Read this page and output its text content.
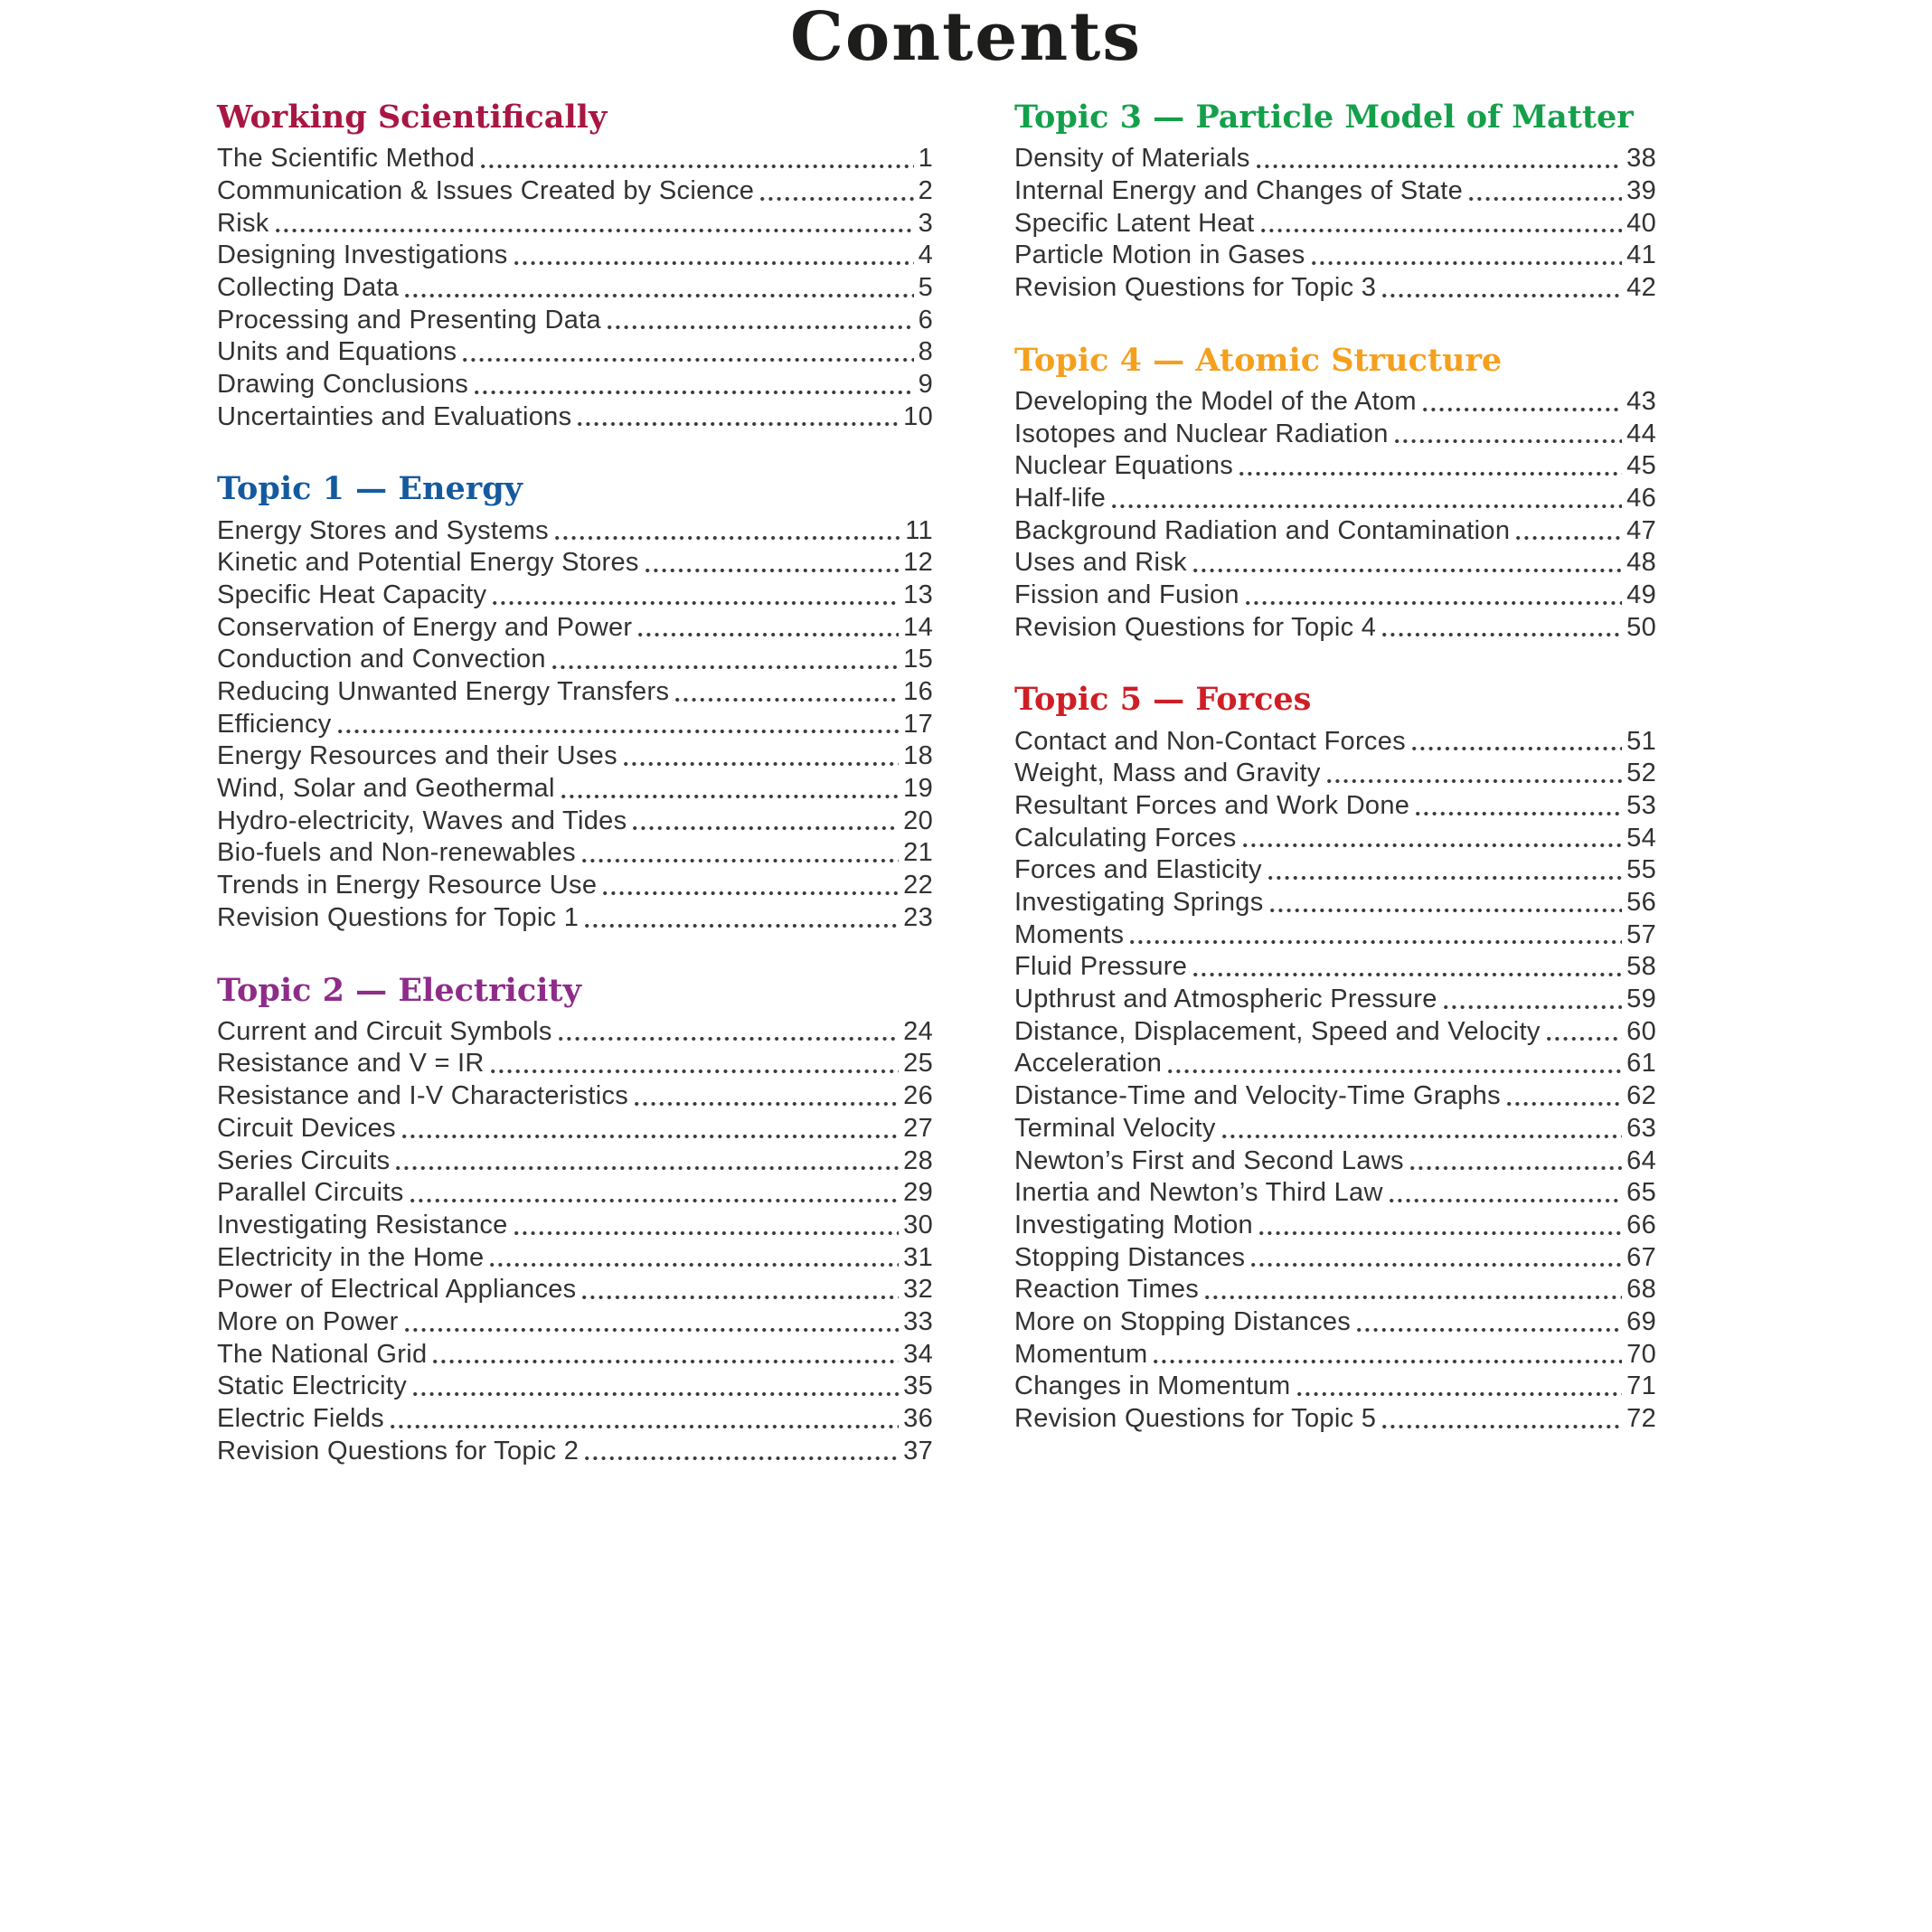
Contents
Working Scientifically
The Scientific Method	1
Communication & Issues Created by Science	2
Risk	3
Designing Investigations	4
Collecting Data	5
Processing and Presenting Data	6
Units and Equations	8
Drawing Conclusions	9
Uncertainties and Evaluations	10
Topic 1 — Energy
Energy Stores and Systems	11
Kinetic and Potential Energy Stores	12
Specific Heat Capacity	13
Conservation of Energy and Power	14
Conduction and Convection	15
Reducing Unwanted Energy Transfers	16
Efficiency	17
Energy Resources and their Uses	18
Wind, Solar and Geothermal	19
Hydro-electricity, Waves and Tides	20
Bio-fuels and Non-renewables	21
Trends in Energy Resource Use	22
Revision Questions for Topic 1	23
Topic 2 — Electricity
Current and Circuit Symbols	24
Resistance and V = IR	25
Resistance and I-V Characteristics	26
Circuit Devices	27
Series Circuits	28
Parallel Circuits	29
Investigating Resistance	30
Electricity in the Home	31
Power of Electrical Appliances	32
More on Power	33
The National Grid	34
Static Electricity	35
Electric Fields	36
Revision Questions for Topic 2	37
Topic 3 — Particle Model of Matter
Density of Materials	38
Internal Energy and Changes of State	39
Specific Latent Heat	40
Particle Motion in Gases	41
Revision Questions for Topic 3	42
Topic 4 — Atomic Structure
Developing the Model of the Atom	43
Isotopes and Nuclear Radiation	44
Nuclear Equations	45
Half-life	46
Background Radiation and Contamination	47
Uses and Risk	48
Fission and Fusion	49
Revision Questions for Topic 4	50
Topic 5 — Forces
Contact and Non-Contact Forces	51
Weight, Mass and Gravity	52
Resultant Forces and Work Done	53
Calculating Forces	54
Forces and Elasticity	55
Investigating Springs	56
Moments	57
Fluid Pressure	58
Upthrust and Atmospheric Pressure	59
Distance, Displacement, Speed and Velocity	60
Acceleration	61
Distance-Time and Velocity-Time Graphs	62
Terminal Velocity	63
Newton’s First and Second Laws	64
Inertia and Newton’s Third Law	65
Investigating Motion	66
Stopping Distances	67
Reaction Times	68
More on Stopping Distances	69
Momentum	70
Changes in Momentum	71
Revision Questions for Topic 5	72
